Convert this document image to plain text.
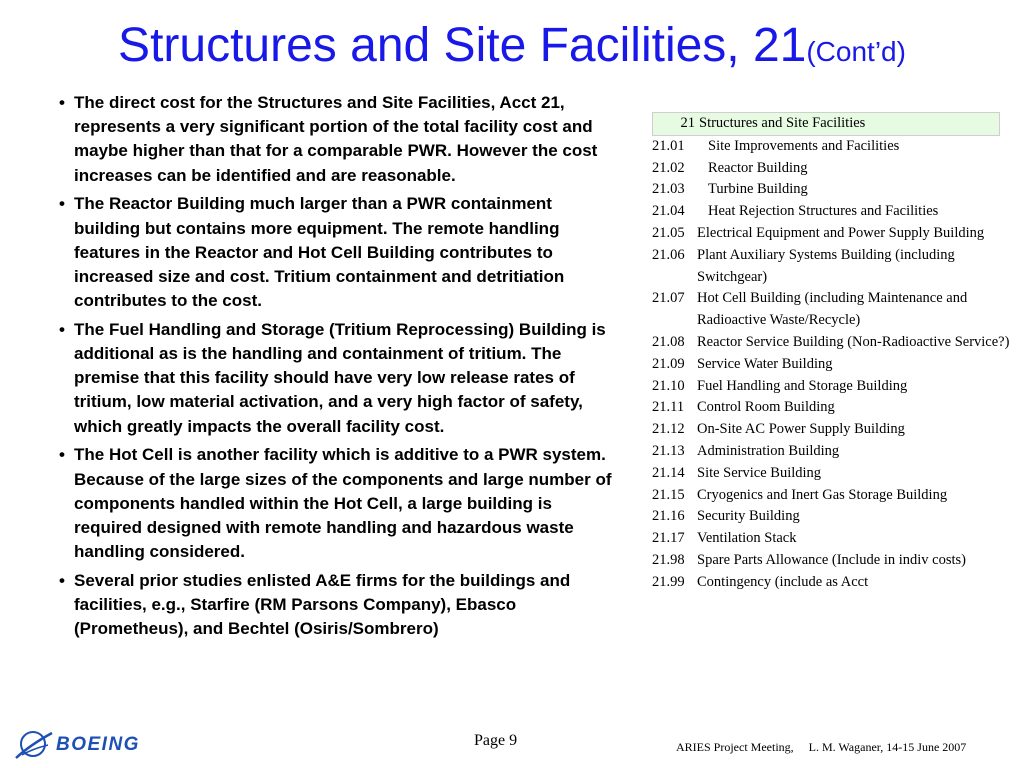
Structures and Site Facilities, 21(Cont’d)
• The direct cost for the Structures and Site Facilities, Acct 21, represents a very significant portion of the total facility cost and maybe higher than that for a comparable PWR. However the cost increases can be identified and are reasonable.
• The Reactor Building much larger than a PWR containment building but contains more equipment. The remote handling features in the Reactor and Hot Cell Building contributes to increased size and cost. Tritium containment and detritiation contributes to the cost.
• The Fuel Handling and Storage (Tritium Reprocessing) Building is additional as is the handling and containment of tritium. The premise that this facility should have very low release rates of tritium, low material activation, and a very high factor of safety, which greatly impacts the overall facility cost.
• The Hot Cell is another facility which is additive to a PWR system. Because of the large sizes of the components and large number of components handled within the Hot Cell, a large building is required designed with remote handling and hazardous waste handling considered.
• Several prior studies enlisted A&E firms for the buildings and facilities, e.g., Starfire (RM Parsons Company), Ebasco (Prometheus), and Bechtel (Osiris/Sombrero)
21 Structures and Site Facilities
21.01	Site Improvements and Facilities
21.02	Reactor Building
21.03	Turbine Building
21.04	Heat Rejection Structures and Facilities
21.05 Electrical Equipment and Power Supply Building
21.06 Plant Auxiliary Systems Building (including Switchgear)
21.07 Hot Cell Building (including Maintenance and Radioactive Waste/Recycle)
21.08 Reactor Service Building (Non-Radioactive Service?)
21.09 Service Water Building
21.10 Fuel Handling and Storage Building
21.11 Control Room Building
21.12 On-Site AC Power Supply Building
21.13 Administration Building
21.14 Site Service Building
21.15 Cryogenics and Inert Gas Storage Building
21.16 Security Building
21.17 Ventilation Stack
21.98 Spare Parts Allowance (Include in indiv costs)
21.99 Contingency (include as Acct
BOEING	Page 9	ARIES Project Meeting,     L. M. Waganer, 14-15 June 2007
